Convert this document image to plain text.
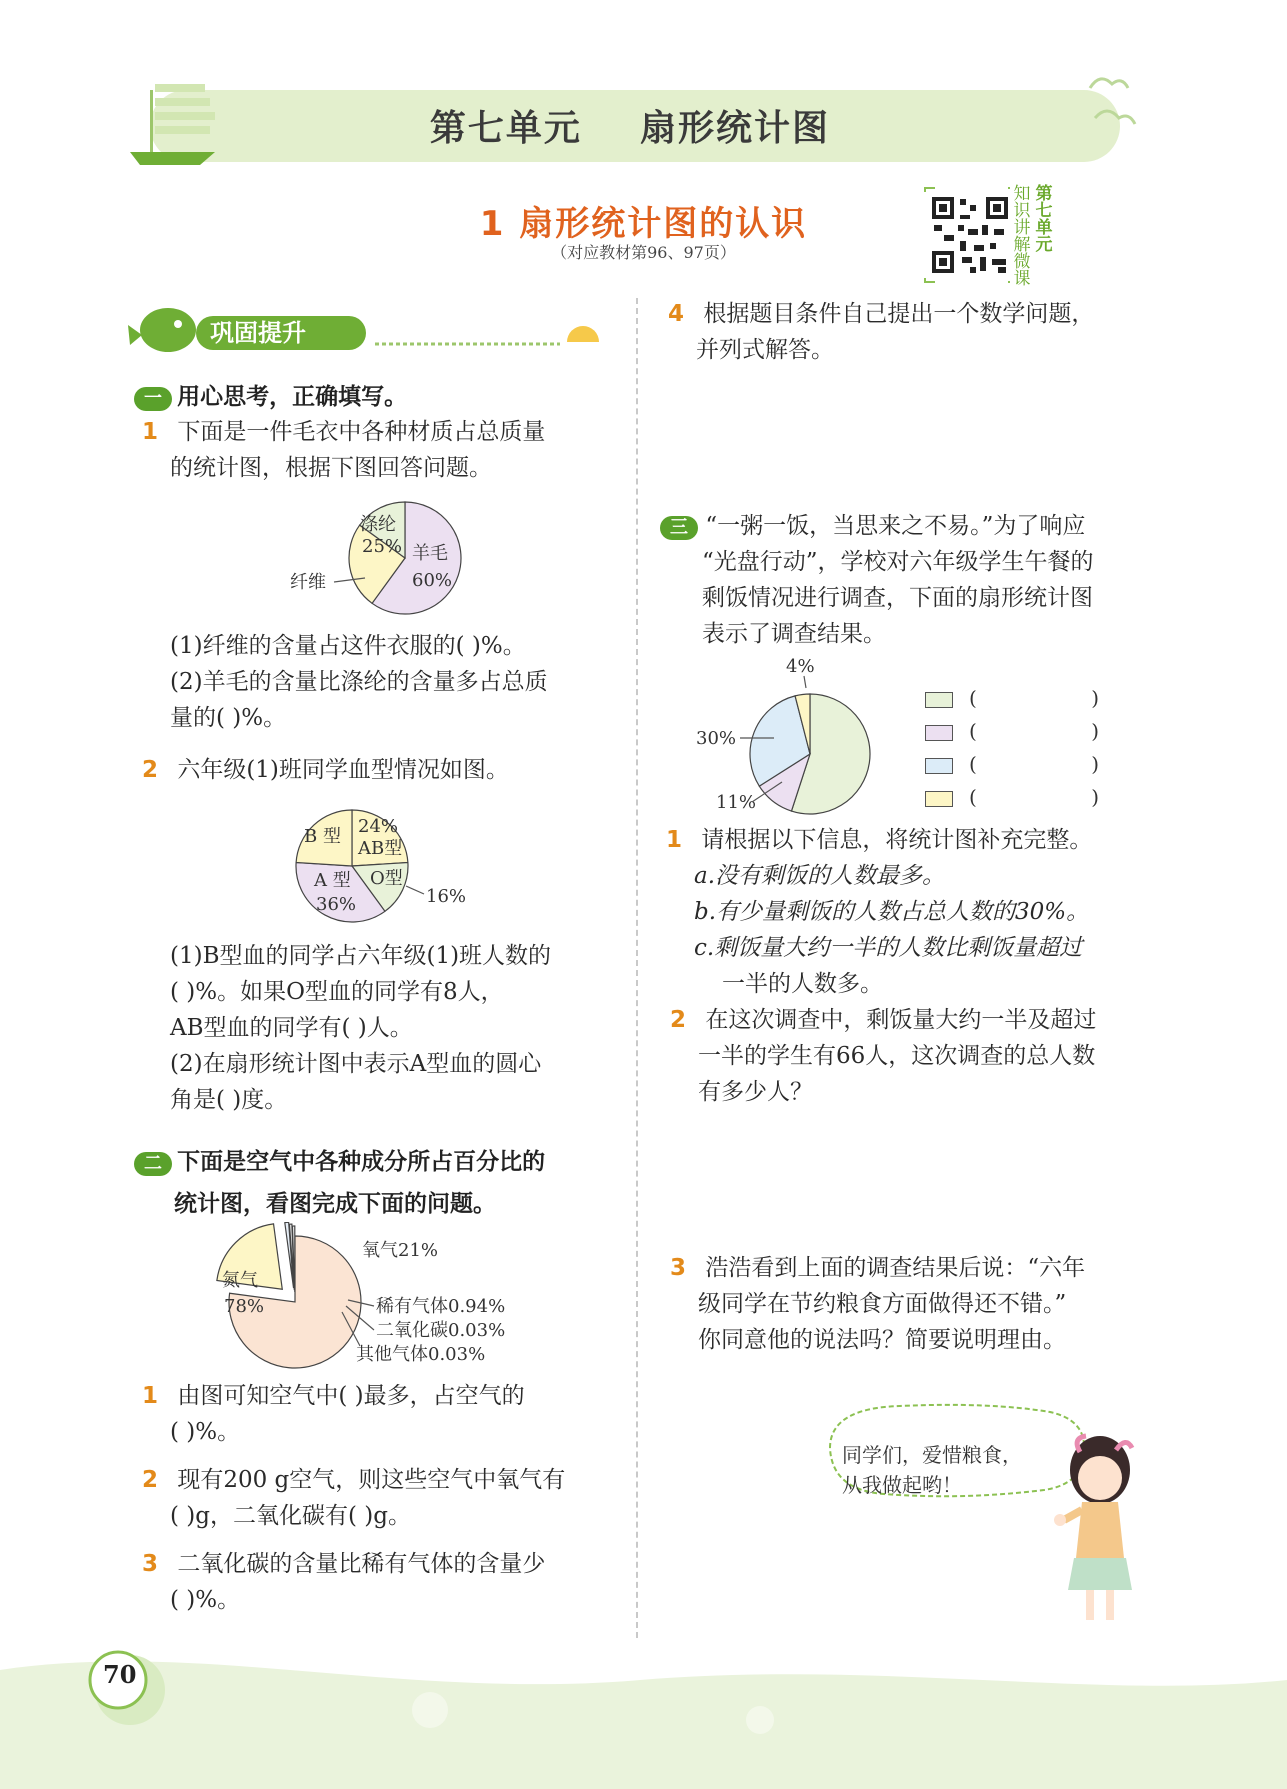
第七单元    扇形统计图
1 扇形统计图的认识
（对应教材第96、97页）
知识讲解微课
第七单元
巩固提升
一 用心思考，正确填写。
1 下面是一件毛衣中各种材质占总质量
的统计图，根据下图回答问题。
涤纶
25% 羊毛
60%
纤维
(1)纤维的含量占这件衣服的( )%。
(2)羊毛的含量比涤纶的含量多占总质
量的( )%。
2 六年级(1)班同学血型情况如图。
B 型 24%
AB型
A 型
36%
O型
16%
(1)B型血的同学占六年级(1)班人数的
( )%。如果O型血的同学有8人，
AB型血的同学有( )人。
(2)在扇形统计图中表示A型血的圆心
角是( )度。
二 下面是空气中各种成分所占百分比的
统计图，看图完成下面的问题。
氮气
78%
氧气21%
稀有气体0.94%
二氧化碳0.03%
其他气体0.03%
1 由图可知空气中( )最多，占空气的
( )%。
2 现有200 g空气，则这些空气中氧气有
( )g，二氧化碳有( )g。
3 二氧化碳的含量比稀有气体的含量少
( )%。
70
4 根据题目条件自己提出一个数学问题，
并列式解答。
三 “一粥一饭，当思来之不易。”为了响应
“光盘行动”，学校对六年级学生午餐的
剩饭情况进行调查，下面的扇形统计图
表示了调查结果。
4%
30%
11%
(                  )
(                  )
(                  )
(                  )
1 请根据以下信息，将统计图补充完整。
a.没有剩饭的人数最多。
b.有少量剩饭的人数占总人数的30%。
c.剩饭量大约一半的人数比剩饭量超过
一半的人数多。
2 在这次调查中，剩饭量大约一半及超过
一半的学生有66人，这次调查的总人数
有多少人？
3 浩浩看到上面的调查结果后说：“六年
级同学在节约粮食方面做得还不错。”
你同意他的说法吗？简要说明理由。
同学们，爱惜粮食，
从我做起哟！
